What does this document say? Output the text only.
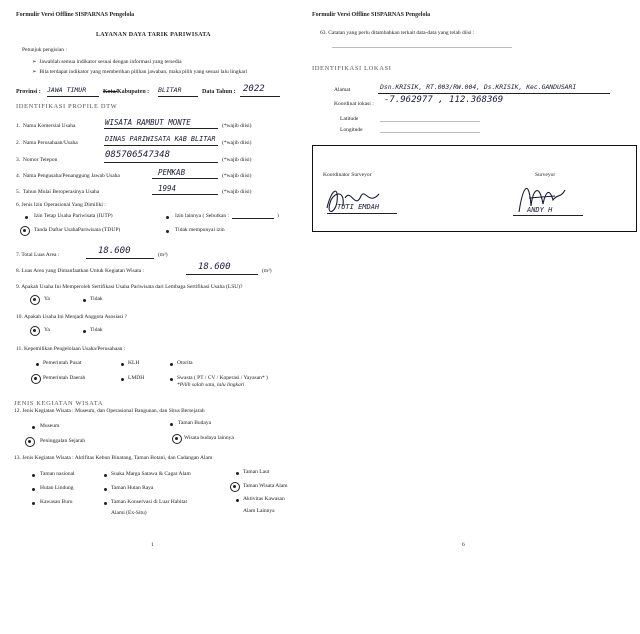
Formulir Versi Offline SISPARNAS Pengelola
LAYANAN DAYA TARIK PARIWISATA
Petunjuk pengisian :
➢  Jawablah semua indikator sesuai dengan informasi yang tersedia
➢  Bila terdapat indikator yang memberikan pilihan jawaban, maka pilih yang sesuai lalu lingkari
Provinsi : JAWA TIMUR	Kota/ Kabupaten : BLITAR	Data Tahun : 2022
IDENTIFIKASI PROFILE DTW
1. Nama Komersial Usaha	WISATA RAMBUT MONTE	(*wajib diisi)
2. Nama Perusahaan/Usaha	DINAS PARIWISATA KAB BLITAR (*wajib diisi)
3. Nomor Telepon	085706547348	(*wajib diisi)
4. Nama Pengusaha/Penanggung Jawab Usaha	PEMKAB	(*wajib diisi)
5. Tahun Mulai Beroperasinya Usaha	1994	(*wajib diisi)
6. Jenis Izin Operasional Yang Dimiliki :
Izin Tetap Usaha Pariwisata (IUTP)	Izin lainnya ( Sebutkan :	)
Tanda Daftar UsahaPariwisata (TDUP)	Tidak mempunyai izin
7. Total Luas Area :	18.600	(m²)
8. Luas Area yang Dimanfaatkan Untuk Kegiatan Wisata :	18.600	(m²)
9. Apakah Usaha Ini Memperoleh Sertifikasi Usaha Pariwisata dari Lembaga Sertifikasi Usaha (LSU)?
Ya	Tidak
10. Apakah Usaha Ini Menjadi Anggota Asosiasi ?
Ya	Tidak
11. Kepemilikan Pengelolaan Usaha/Perusahaan :
Pemerintah Pusat	KLH	Otorita
Pemerintah Daerah	LMDH	Swasta ( PT / CV / Koperasi / Yayasan* )
*Pilih salah satu, lalu lingkari
JENIS KEGIATAN WISATA
12. Jenis Kegiatan Wisata : Museum, dan Operasional Bangunan, dan Situs Bersejarah
Museum	Taman Budaya
Peninggalan Sejarah	Wisata budaya lainnya
13. Jenis Kegiatan Wisata : Aktifitas Kebun Binatang, Taman Botani, dan Cadangan Alam
Taman nasional	Suaka Marga Satawa & Cagar Alam	Taman Laut
Hutan Lindung	Taman Hutan Raya	Taman Wisata Alam
Kawasan Buru	Taman Konservasi di Luar Habitat
Alami (Ex-Situ)
Aktivitas Kawasan
Alam Lainnya
1
Formulir Versi Offline SISPARNAS Pengelola
63. Catatan yang perlu ditambahkan terkait data-data yang telah diisi :
IDENTIFIKASI LOKASI
Alamat	Dsn.KRISIK, RT.003/RW.004, Ds.KRISIK, Kec.GANDUSARI
Koordinat lokasi : -7.962977 , 112.368369
Latitude
Longitude
Koordinator Surveyor
TUTI EMDAH
Surveyor
ANDY H
6
